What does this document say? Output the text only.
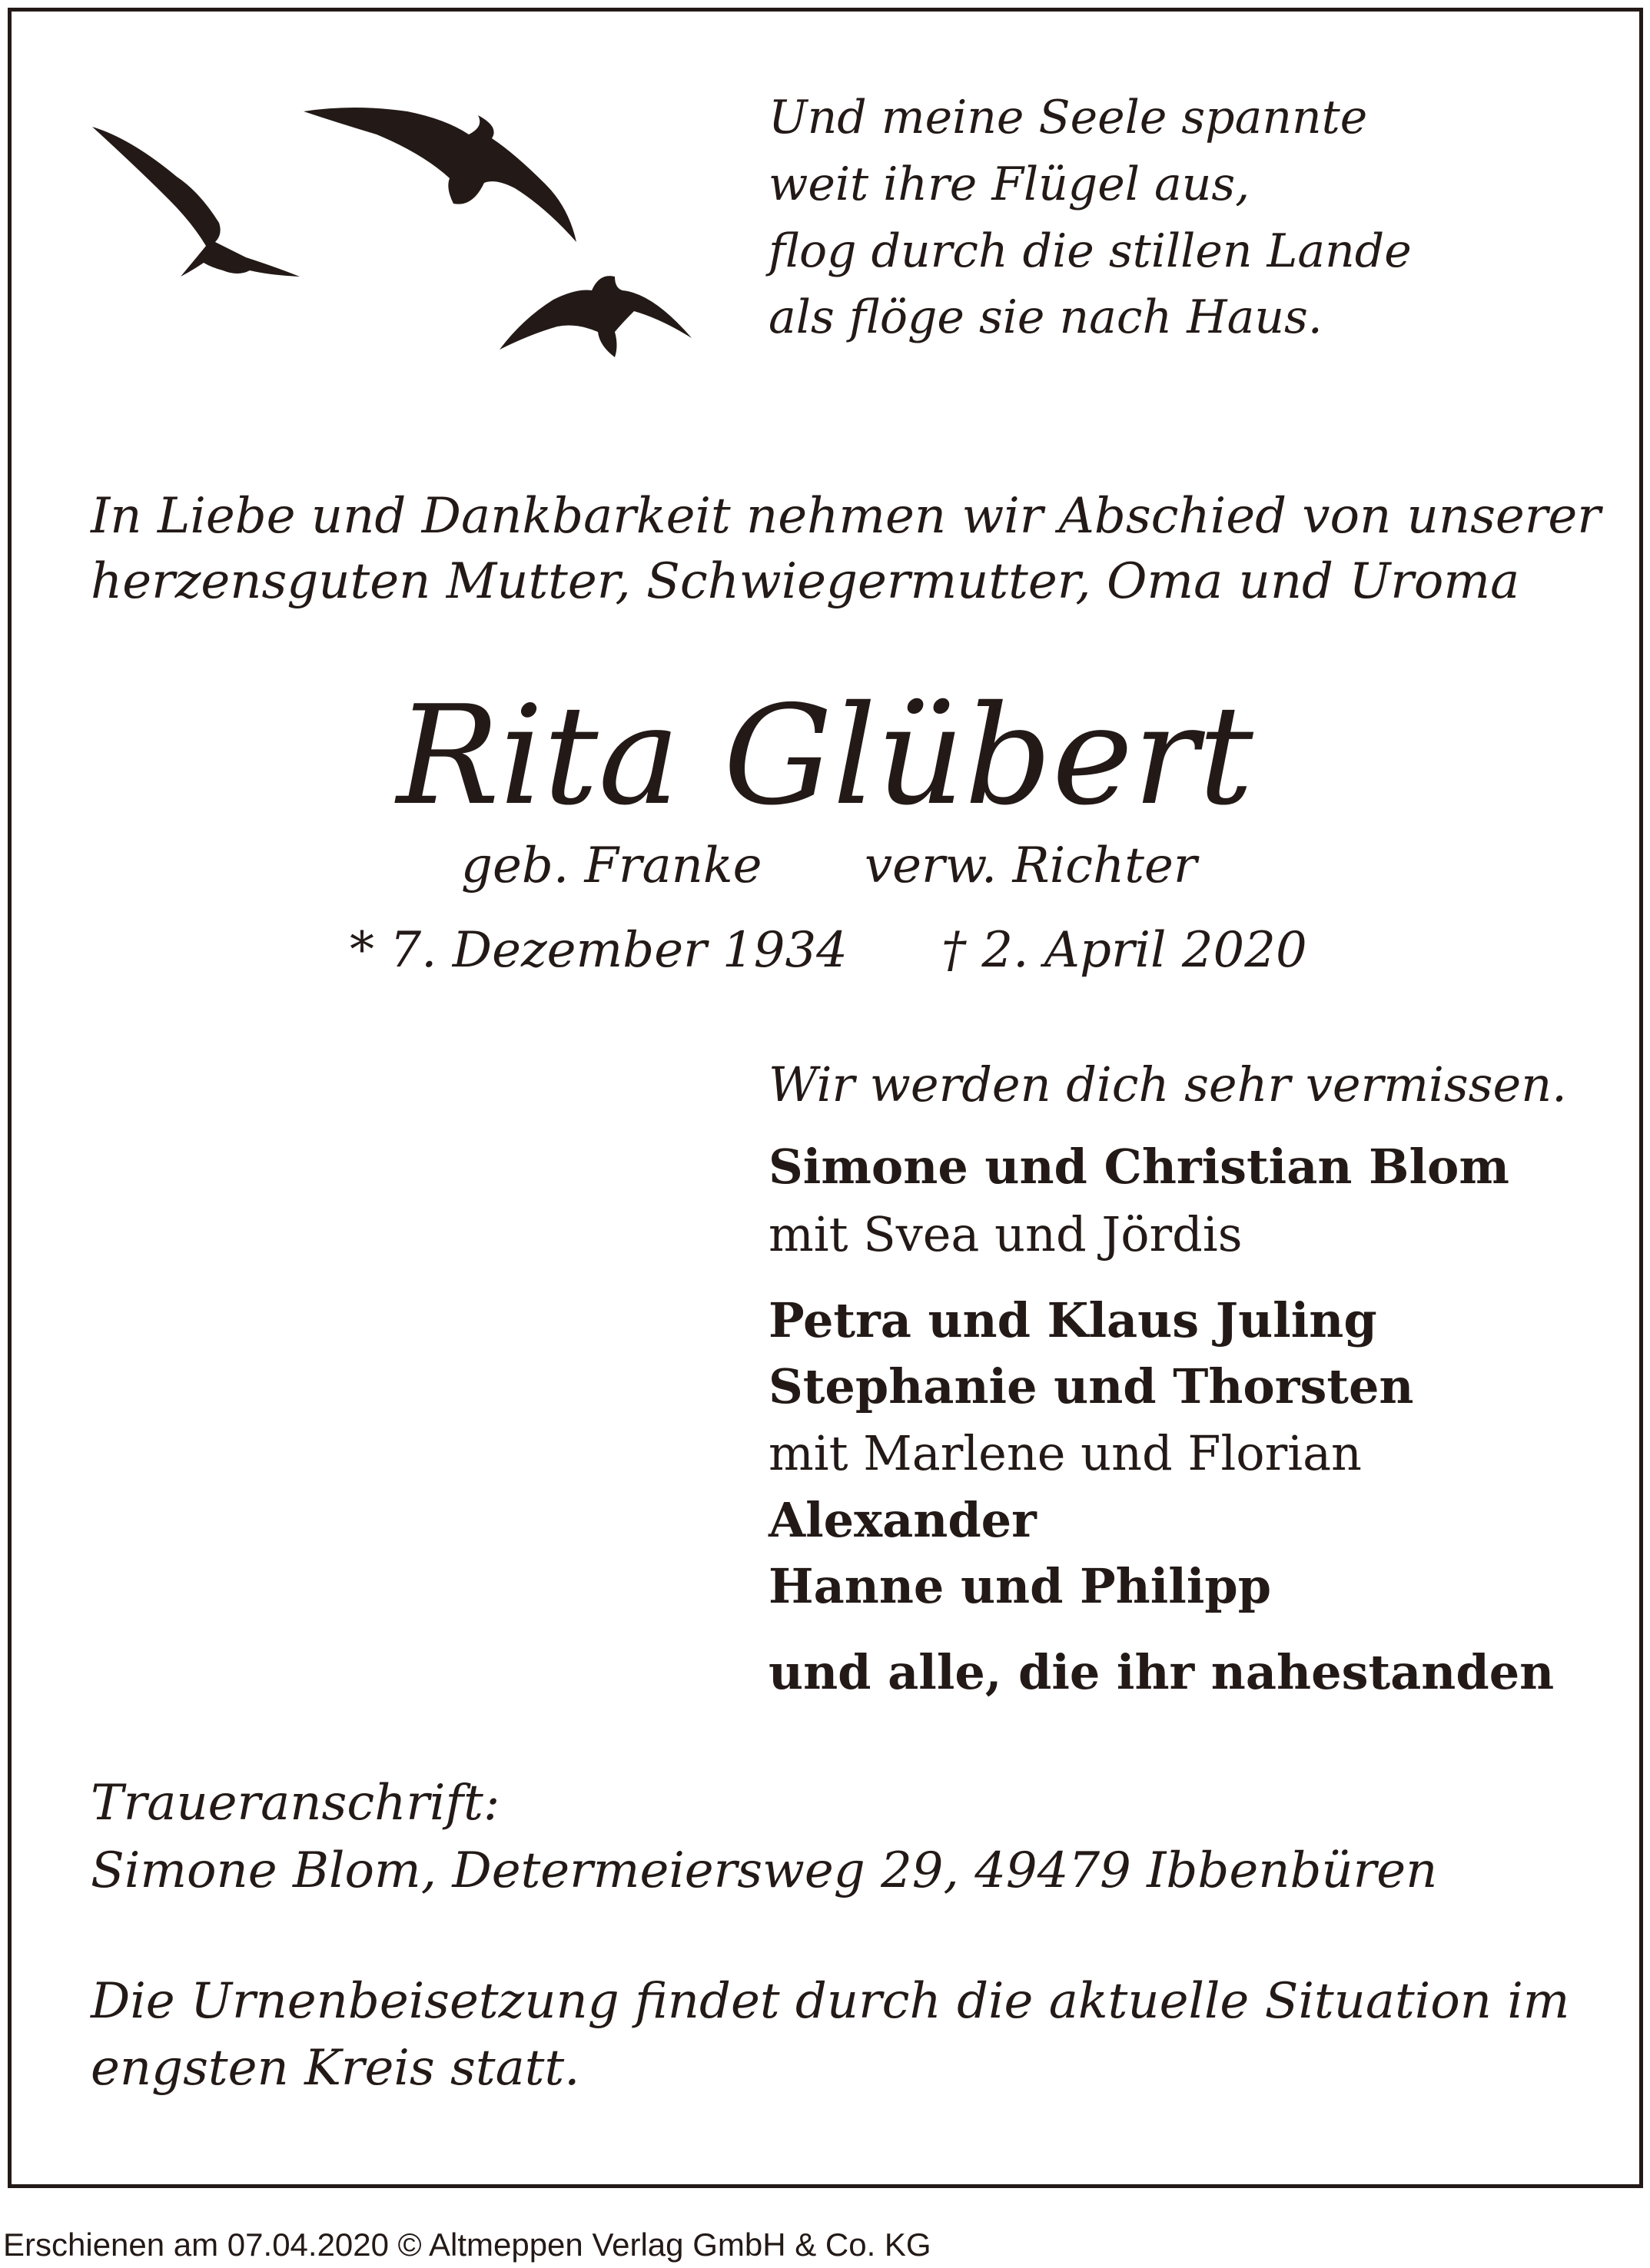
Und meine Seele spannte

weit ihre Flügel aus,

flog durch die stillen Lande

als flöge sie nach Haus.

In Liebe und Dankbarkeit nehmen wir Abschied von unserer

herzensguten Mutter, Schwiegermutter, Oma und Uroma

Rita Glübert

geb. Franke verw. Richter

* 7. Dezember 1934 † 2. April 2020

Wir werden dich sehr vermissen.

Simone und Christian Blom

mit Svea und Jördis

Petra und Klaus Juling

Stephanie und Thorsten

mit Marlene und Florian

Alexander

Hanne und Philipp

und alle, die ihr nahestanden

Traueranschrift:

Simone Blom, Determeiersweg 29, 49479 Ibbenbüren

Die Urnenbeisetzung findet durch die aktuelle Situation im

engsten Kreis statt.

Erschienen am 07.04.2020 © Altmeppen Verlag GmbH & Co. KG
